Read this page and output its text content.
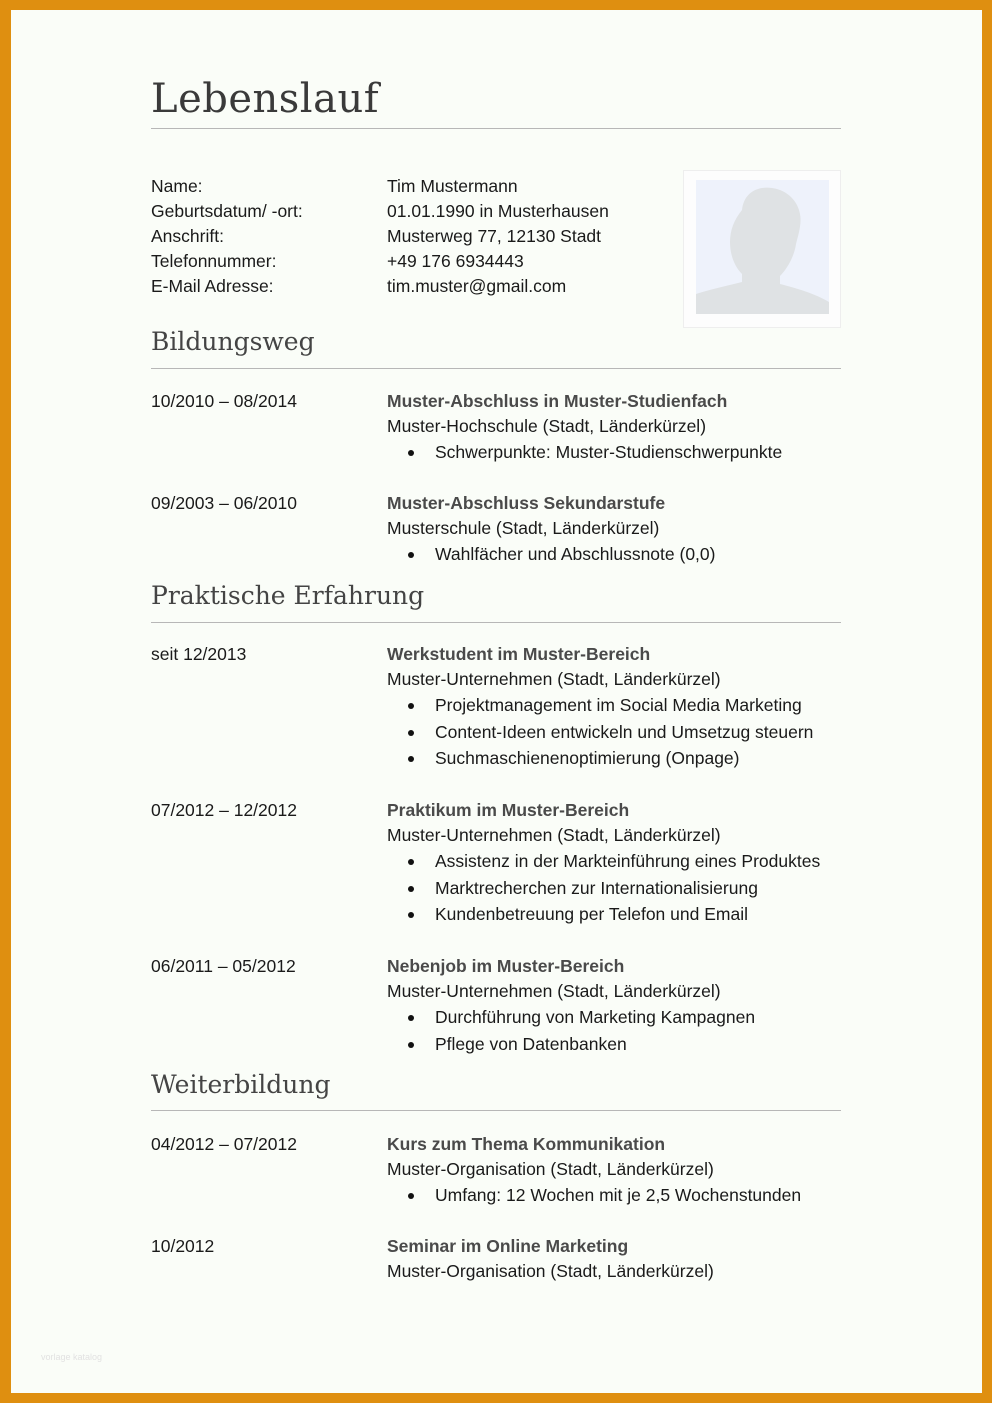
Lebenslauf
Name:	Tim Mustermann
Geburtsdatum/ -ort:	01.01.1990 in Musterhausen
Anschrift:	Musterweg 77, 12130 Stadt
Telefonnummer:	+49 176 6934443
E-Mail Adresse:	tim.muster@gmail.com
Bildungsweg
10/2010 – 08/2014	Muster-Abschluss in Muster-Studienfach
Muster-Hochschule (Stadt, Länderkürzel)
Schwerpunkte: Muster-Studienschwerpunkte
09/2003 – 06/2010	Muster-Abschluss Sekundarstufe
Musterschule (Stadt, Länderkürzel)
Wahlfächer und Abschlussnote (0,0)
Praktische Erfahrung
seit 12/2013	Werkstudent im Muster-Bereich
Muster-Unternehmen (Stadt, Länderkürzel)
Projektmanagement im Social Media Marketing
Content-Ideen entwickeln und Umsetzug steuern
Suchmaschienenoptimierung (Onpage)
07/2012 – 12/2012	Praktikum im Muster-Bereich
Muster-Unternehmen (Stadt, Länderkürzel)
Assistenz in der Markteinführung eines Produktes
Marktrecherchen zur Internationalisierung
Kundenbetreuung per Telefon und Email
06/2011 – 05/2012	Nebenjob im Muster-Bereich
Muster-Unternehmen (Stadt, Länderkürzel)
Durchführung von Marketing Kampagnen
Pflege von Datenbanken
Weiterbildung
04/2012 – 07/2012	Kurs zum Thema Kommunikation
Muster-Organisation (Stadt, Länderkürzel)
Umfang: 12 Wochen mit je 2,5 Wochenstunden
10/2012	Seminar im Online Marketing
Muster-Organisation (Stadt, Länderkürzel)
vorlage katalog
